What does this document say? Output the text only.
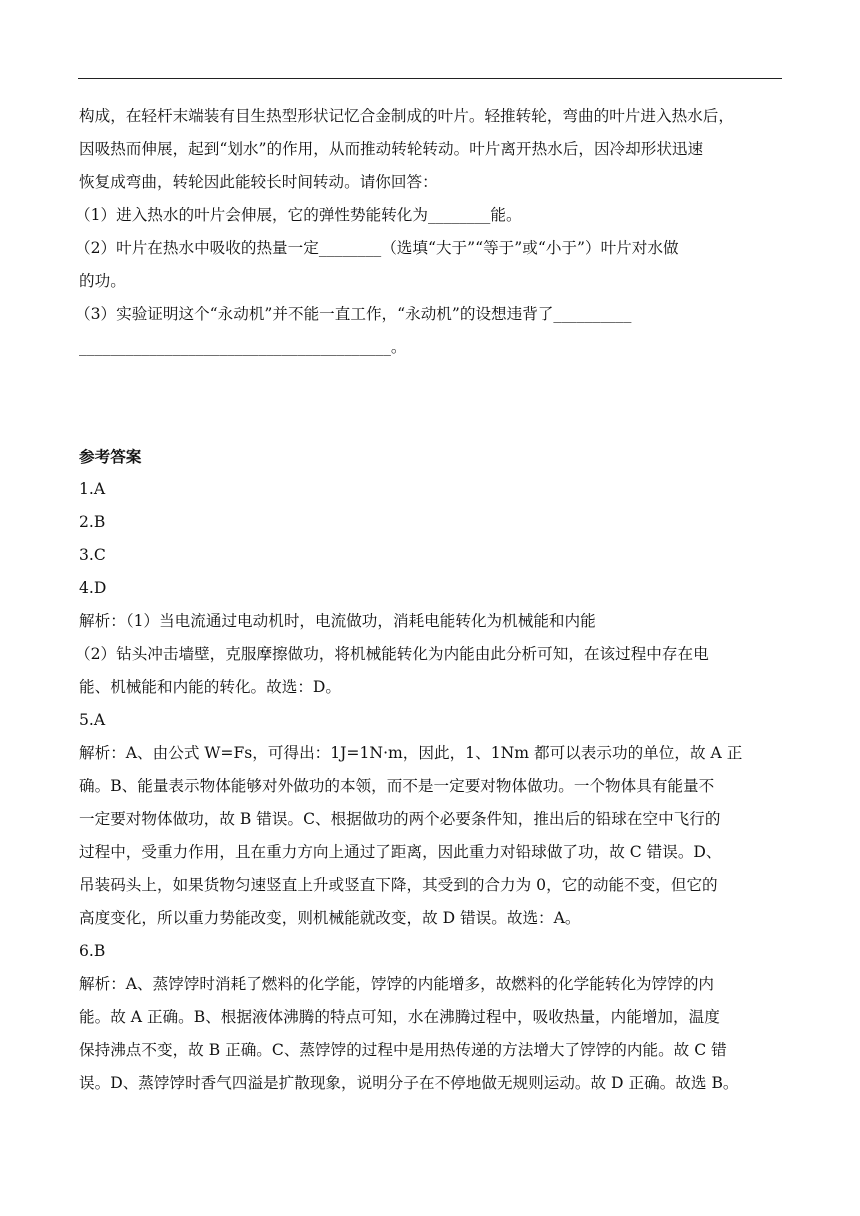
构成，在轻杆末端装有目生热型形状记忆合金制成的叶片。轻推转轮，弯曲的叶片进入热水后，

因吸热而伸展，起到“划水”的作用，从而推动转轮转动。叶片离开热水后，因冷却形状迅速

恢复成弯曲，转轮因此能较长时间转动。请你回答：

（1）进入热水的叶片会伸展，它的弹性势能转化为________能。

（2）叶片在热水中吸收的热量一定________（选填“大于”“等于”或“小于”）叶片对水做

的功。

（3）实验证明这个“永动机”并不能一直工作，“永动机”的设想违背了__________

________________________________________。

参考答案

1.A

2.B

3.C

4.D

解析：（1）当电流通过电动机时，电流做功，消耗电能转化为机械能和内能

（2）钻头冲击墙壁，克服摩擦做功，将机械能转化为内能由此分析可知，在该过程中存在电

能、机械能和内能的转化。故选：D。

5.A

解析：A、由公式 W=Fs，可得出：1J=1N·m，因此，1、1Nm 都可以表示功的单位，故 A 正

确。B、能量表示物体能够对外做功的本领，而不是一定要对物体做功。一个物体具有能量不

一定要对物体做功，故 B 错误。C、根据做功的两个必要条件知，推出后的铅球在空中飞行的

过程中，受重力作用，且在重力方向上通过了距离，因此重力对铅球做了功，故 C 错误。D、

吊装码头上，如果货物匀速竖直上升或竖直下降，其受到的合力为 0，它的动能不变，但它的

高度变化，所以重力势能改变，则机械能就改变，故 D 错误。故选：A。

6.B

解析：A、蒸饽饽时消耗了燃料的化学能，饽饽的内能增多，故燃料的化学能转化为饽饽的内

能。故 A 正确。B、根据液体沸腾的特点可知，水在沸腾过程中，吸收热量，内能增加，温度

保持沸点不变，故 B 正确。C、蒸饽饽的过程中是用热传递的方法增大了饽饽的内能。故 C 错

误。D、蒸饽饽时香气四溢是扩散现象，说明分子在不停地做无规则运动。故 D 正确。故选 B。
